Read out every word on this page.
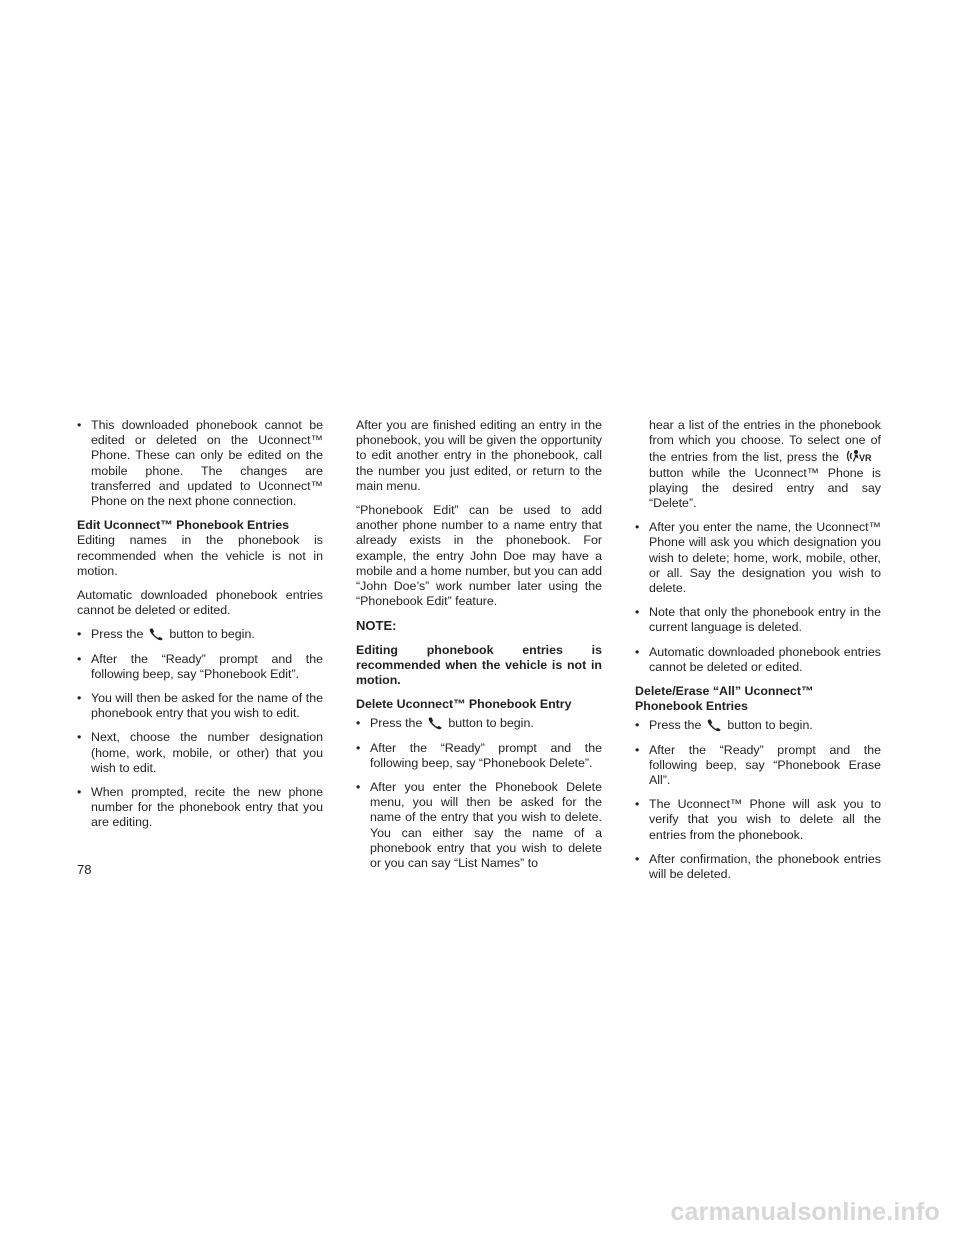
• This downloaded phonebook cannot be edited or deleted on the Uconnect™ Phone. These can only be edited on the mobile phone. The changes are transferred and updated to Uconnect™ Phone on the next phone connection.
Edit Uconnect™ Phonebook Entries

Editing names in the phonebook is recommended when the vehicle is not in motion.

Automatic downloaded phonebook entries cannot be deleted or edited.

• Press the button to begin.
• After the “Ready” prompt and the following beep, say “Phonebook Edit”.
• You will then be asked for the name of the phonebook entry that you wish to edit.
• Next, choose the number designation (home, work, mobile, or other) that you wish to edit.
• When prompted, recite the new phone number for the phonebook entry that you are editing.

After you are finished editing an entry in the phonebook, you will be given the opportunity to edit another entry in the phonebook, call the number you just edited, or return to the main menu.

“Phonebook Edit” can be used to add another phone number to a name entry that already exists in the phonebook. For example, the entry John Doe may have a mobile and a home number, but you can add “John Doe’s” work number later using the “Phonebook Edit” feature.

NOTE:

Editing phonebook entries is recommended when the vehicle is not in motion.

Delete Uconnect™ Phonebook Entry
• Press the button to begin.
• After the “Ready” prompt and the following beep, say “Phonebook Delete”.
• After you enter the Phonebook Delete menu, you will then be asked for the name of the entry that you wish to delete. You can either say the name of a phonebook entry that you wish to delete or you can say “List Names” to
hear a list of the entries in the phonebook from which you choose. To select one of the entries from the list, press the VR
button while the Uconnect™ Phone is playing the desired entry and say “Delete”.
• After you enter the name, the Uconnect™ Phone will ask you which designation you wish to delete; home, work, mobile, other, or all. Say the designation you wish to delete.
• Note that only the phonebook entry in the current language is deleted.
• Automatic downloaded phonebook entries cannot be deleted or edited.
Delete/Erase “All” Uconnect™ Phonebook Entries
• Press the button to begin.
• After the “Ready” prompt and the following beep, say “Phonebook Erase All”.
• The Uconnect™ Phone will ask you to verify that you wish to delete all the entries from the phonebook.
• After confirmation, the phonebook entries will be deleted.
78
carmanualsonline.info
